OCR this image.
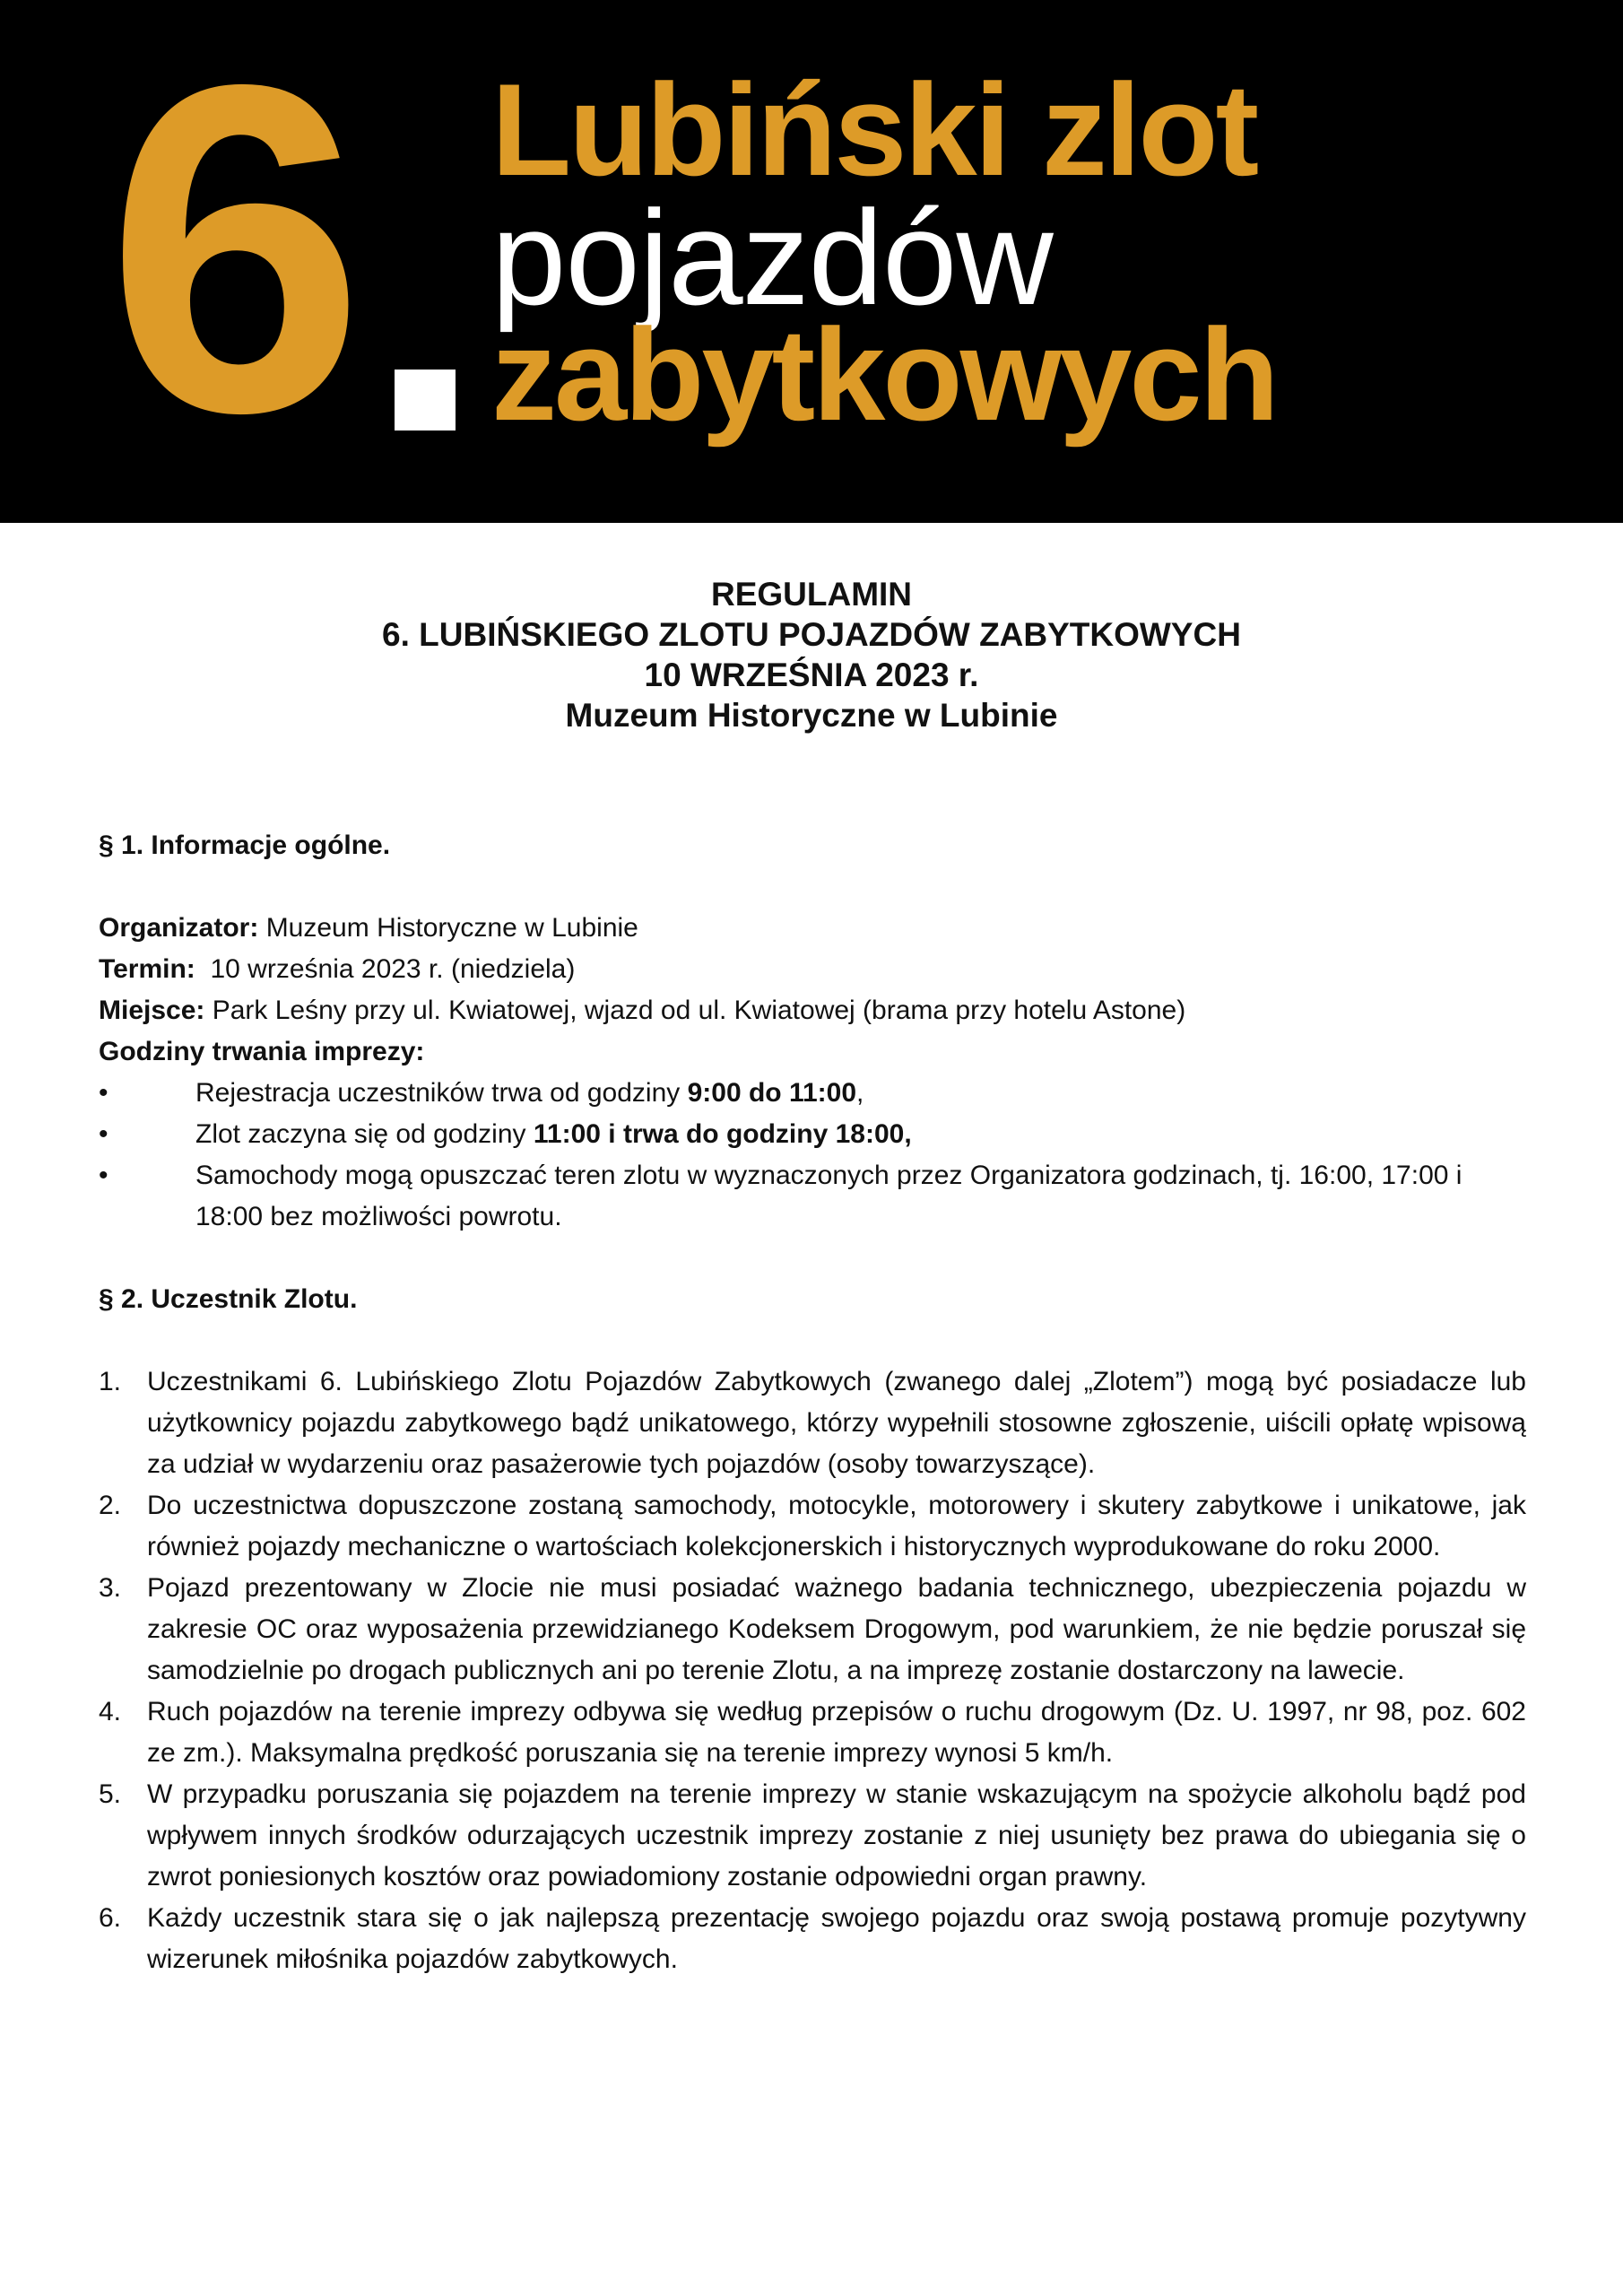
6 Lubiński zlot
pojazdów
zabytkowych
REGULAMIN
6. LUBIŃSKIEGO ZLOTU POJAZDÓW ZABYTKOWYCH
10 WRZEŚNIA 2023 r.
Muzeum Historyczne w Lubinie
§ 1. Informacje ogólne.
Organizator: Muzeum Historyczne w Lubinie
Termin:  10 września 2023 r. (niedziela)
Miejsce: Park Leśny przy ul. Kwiatowej, wjazd od ul. Kwiatowej (brama przy hotelu Astone)
Godziny trwania imprezy:
•	Rejestracja uczestników trwa od godziny 9:00 do 11:00,
•	Zlot zaczyna się od godziny 11:00 i trwa do godziny 18:00,
•	Samochody mogą opuszczać teren zlotu w wyznaczonych przez Organizatora godzinach, tj. 16:00, 17:00 i 18:00 bez możliwości powrotu.
§ 2. Uczestnik Zlotu.
1. Uczestnikami 6. Lubińskiego Zlotu Pojazdów Zabytkowych (zwanego dalej „Zlotem”) mogą być posiadacze lub użytkownicy pojazdu zabytkowego bądź unikatowego, którzy wypełnili stosowne zgłoszenie, uiścili opłatę wpisową za udział w wydarzeniu oraz pasażerowie tych pojazdów (osoby towarzyszące).
2. Do uczestnictwa dopuszczone zostaną samochody, motocykle, motorowery i skutery zabytkowe i unikatowe, jak również pojazdy mechaniczne o wartościach kolekcjonerskich i historycznych wyprodukowane do roku 2000.
3. Pojazd prezentowany w Zlocie nie musi posiadać ważnego badania technicznego, ubezpieczenia pojazdu w zakresie OC oraz wyposażenia przewidzianego Kodeksem Drogowym, pod warunkiem, że nie będzie poruszał się samodzielnie po drogach publicznych ani po terenie Zlotu, a na imprezę zostanie dostarczony na lawecie.
4. Ruch pojazdów na terenie imprezy odbywa się według przepisów o ruchu drogowym (Dz. U. 1997, nr 98, poz. 602 ze zm.). Maksymalna prędkość poruszania się na terenie imprezy wynosi 5 km/h.
5. W przypadku poruszania się pojazdem na terenie imprezy w stanie wskazującym na spożycie alkoholu bądź pod wpływem innych środków odurzających uczestnik imprezy zostanie z niej usunięty bez prawa do ubiegania się o zwrot poniesionych kosztów oraz powiadomiony zostanie odpowiedni organ prawny.
6. Każdy uczestnik stara się o jak najlepszą prezentację swojego pojazdu oraz swoją postawą promuje pozytywny wizerunek miłośnika pojazdów zabytkowych.
